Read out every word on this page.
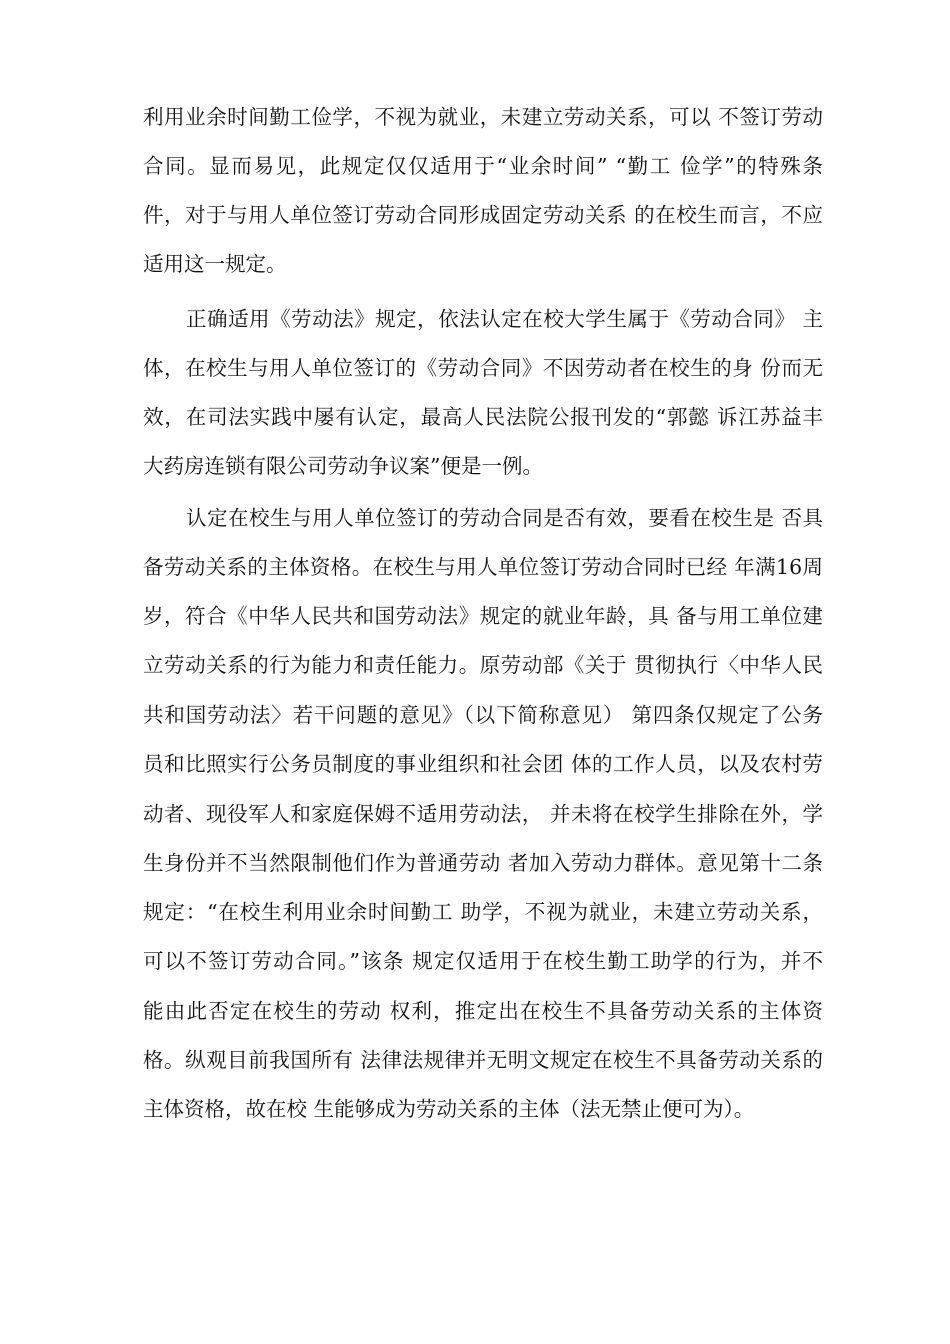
利用业余时间勤工俭学，不视为就业，未建立劳动关系，可以 不签订劳动
合同。显而易见，此规定仅仅适用于“业余时间” “勤工 俭学”的特殊条
件，对于与用人单位签订劳动合同形成固定劳动关系 的在校生而言，不应
适用这一规定。
正确适用《劳动法》规定，依法认定在校大学生属于《劳动合同》 主
体，在校生与用人单位签订的《劳动合同》不因劳动者在校生的身 份而无
效，在司法实践中屡有认定，最高人民法院公报刊发的“郭懿 诉江苏益丰
大药房连锁有限公司劳动争议案”便是一例。
认定在校生与用人单位签订的劳动合同是否有效，要看在校生是 否具
备劳动关系的主体资格。在校生与用人单位签订劳动合同时已经 年满16周
岁，符合《中华人民共和国劳动法》规定的就业年龄，具 备与用工单位建
立劳动关系的行为能力和责任能力。原劳动部《关于 贯彻执行〈中华人民
共和国劳动法〉若干问题的意见》（以下简称意见） 第四条仅规定了公务
员和比照实行公务员制度的事业组织和社会团 体的工作人员，以及农村劳
动者、现役军人和家庭保姆不适用劳动法， 并未将在校学生排除在外，学
生身份并不当然限制他们作为普通劳动 者加入劳动力群体。意见第十二条
规定：“在校生利用业余时间勤工 助学，不视为就业，未建立劳动关系，
可以不签订劳动合同。”该条 规定仅适用于在校生勤工助学的行为，并不
能由此否定在校生的劳动 权利，推定出在校生不具备劳动关系的主体资
格。纵观目前我国所有 法律法规律并无明文规定在校生不具备劳动关系的
主体资格，故在校 生能够成为劳动关系的主体（法无禁止便可为）。
